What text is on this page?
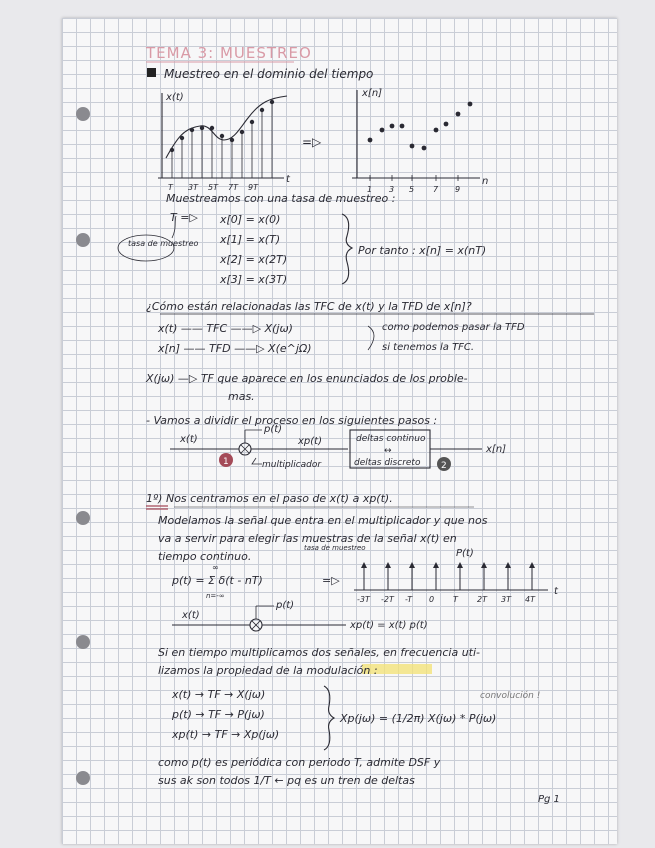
TEMA 3: MUESTREO
Muestreo en el dominio del tiempo
x(t)
t
T 3T 5T 7T 9T
=▷
x[n]
n
1 3 5 7 9
Muestreamos con una tasa de muestreo :
T =▷
tasa de muestreo
x[0] = x(0)
x[1] = x(T)
x[2] = x(2T)
x[3] = x(3T)
Por tanto : x[n] = x(nT)
¿Cómo están relacionadas las TFC de x(t) y la TFD de x[n]?
x(t) —— TFC ——▷ X(jω)
x[n] —— TFD ——▷ X(e^jΩ)
como podemos pasar la TFD
si tenemos la TFC.
X(jω) —▷ TF que aparece en los enunciados de los proble-
mas.
- Vamos a dividir el proceso en los siguientes pasos :
x(t)
p(t)
xp(t)	deltas continuo
↔
deltas discreto
x[n]
1	2
multiplicador
1º) Nos centramos en el paso de x(t) a xp(t).
Modelamos la señal que entra en el multiplicador y que nos
va a servir para elegir las muestras de la señal x(t) en
tiempo continuo.
tasa de muestreo
p(t) = Σ δ(t - nT)
∞
n=-∞
=▷
t
P(t)
-3T -2T -T 0 T 2T 3T 4T
x(t)
p(t)
xp(t) = x(t) p(t)
Si en tiempo multiplicamos dos señales, en frecuencia uti-
lizamos la propiedad de la modulación :
x(t) → TF → X(jω)
p(t) → TF → P(jω)
xp(t) → TF → Xp(jω)
Xp(jω) = (1/2π) X(jω) * P(jω)
convolución !
como p(t) es periódica con periodo T, admite DSF y
sus ak son todos 1/T ← pq es un tren de deltas
Pg 1
